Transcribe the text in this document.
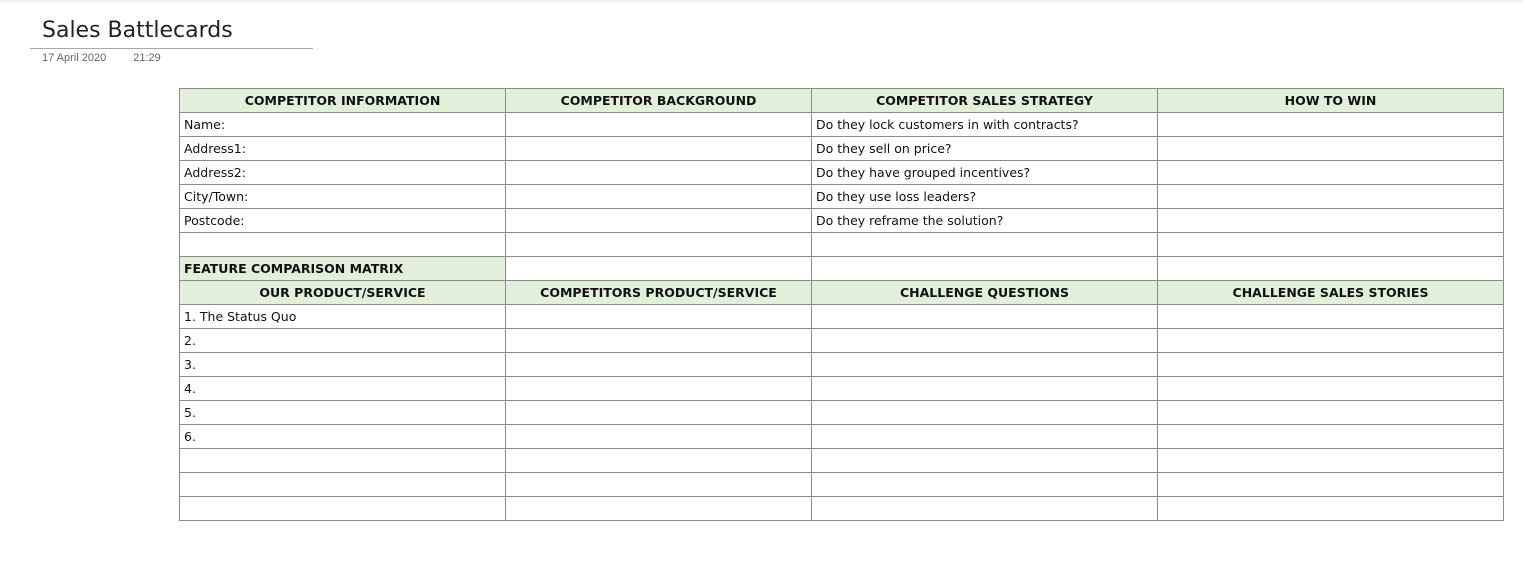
Sales Battlecards
17 April 2020 21:29
COMPETITOR INFORMATION	COMPETITOR BACKGROUND	COMPETITOR SALES STRATEGY	HOW TO WIN
Name:		Do they lock customers in with contracts?	
Address1:		Do they sell on price?	
Address2:		Do they have grouped incentives?	
City/Town:		Do they use loss leaders?	
Postcode:		Do they reframe the solution?	

FEATURE COMPARISON MATRIX			
OUR PRODUCT/SERVICE	COMPETITORS PRODUCT/SERVICE	CHALLENGE QUESTIONS	CHALLENGE SALES STORIES
1. The Status Quo			
2.			
3.			
4.			
5.			
6.			
